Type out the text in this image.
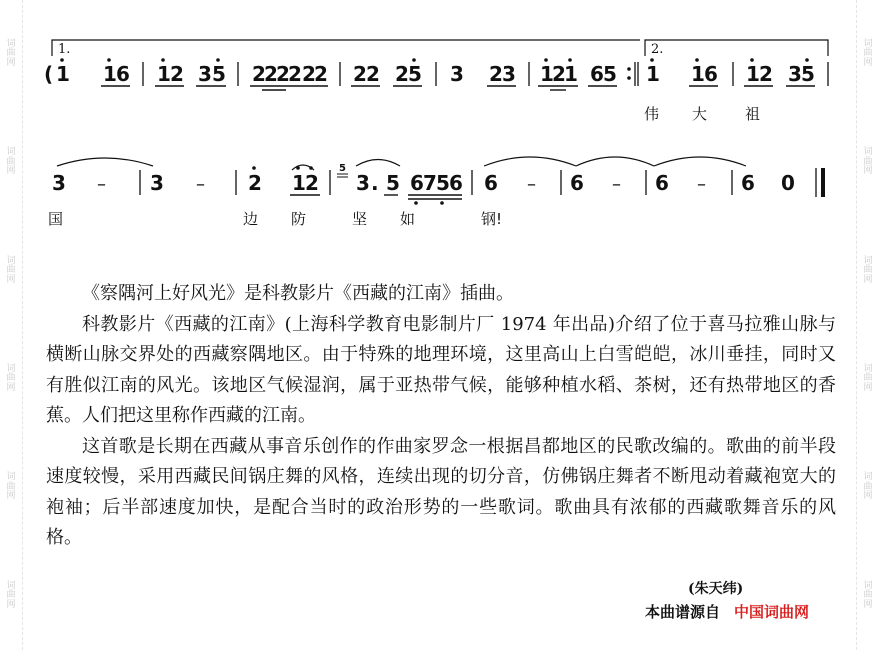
词
曲
网
词
曲
网
词
曲
网
词
曲
网
词
曲
网
词
曲
网
词
曲
网
词
曲
网
词
曲
网
词
曲
网
词
曲
网
词
曲
网
1.	2.
( 1 1 6 1 2 3 5 2
2
2
2 2
2 2 2 2 5 3 2 3 1
2
1 6 5 1 1 6 1 2 3 5
伟 大	祖
5
3 – 3 – 2 1 2 3 . 5 6 7 5 6 6 – 6 – 6 – 6 0
国	边 防	坚 如	钢!

《察隅河上好风光》是科教影片《西藏的江南》插曲。

科教影片《西藏的江南》(上海科学教育电影制片厂 1974 年出品)介绍了位于喜马拉雅山脉与横断山脉交界处的西藏察隅地区。由于特殊的地理环境，这里高山上白雪皑皑，冰川垂挂，同时又有胜似江南的风光。该地区气候湿润，属于亚热带气候，能够种植水稻、茶树，还有热带地区的香蕉。人们把这里称作西藏的江南。

这首歌是长期在西藏从事音乐创作的作曲家罗念一根据昌都地区的民歌改编的。歌曲的前半段速度较慢，采用西藏民间锅庄舞的风格，连续出现的切分音，仿佛锅庄舞者不断甩动着藏袍宽大的袍袖；后半部速度加快，是配合当时的政治形势的一些歌词。歌曲具有浓郁的西藏歌舞音乐的风格。

(朱天纬)
本曲谱源自 中国词曲网
